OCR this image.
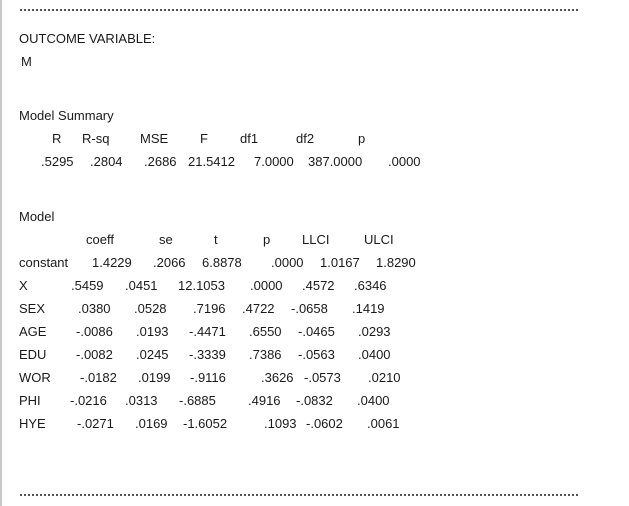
OUTCOME VARIABLE:
M
Model Summary
R R-sq MSE F df1	df2	p
.5295 .2804 .2686 21.5412 7.0000 387.0000 .0000
Model
coeff	se	t	p LLCI	ULCI
constant 1.4229 .2066 6.8878 .0000 1.0167 1.8290
X	.5459 .0451 12.1053 .0000 .4572 .6346
SEX	.0380 .0528 .7196 .4722 -.0658 .1419
AGE -.0086 .0193 -.4471 .6550 -.0465 .0293
EDU -.0082 .0245 -.3339 .7386 -.0563 .0400
WOR -.0182 .0199 -.9116	.3626 -.0573 .0210
PHI -.0216 .0313 -.6885 .4916 -.0832 .0400
HYE -.0271 .0169 -1.6052	.1093 -.0602 .0061
